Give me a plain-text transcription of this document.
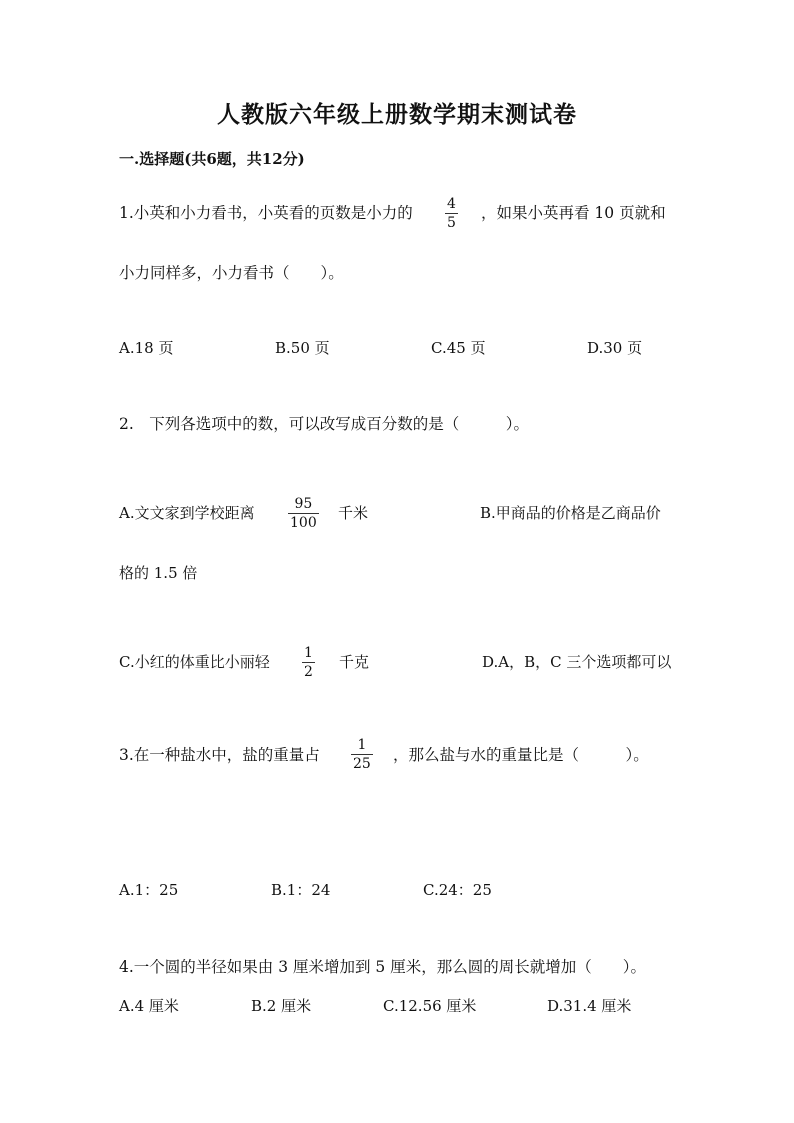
人教版六年级上册数学期末测试卷
一.选择题(共6题，共12分)
1.小英和小力看书，小英看的页数是小力的 4
5
，如果小英再看 10 页就和
小力同样多，小力看书（　　）。
A.18 页	B.50 页	C.45 页	D.30 页
2.　下列各选项中的数，可以改写成百分数的是（　　　）。
A.文文家到学校距离	95
100
千米	B.甲商品的价格是乙商品价
格的 1.5 倍
C.小红的体重比小丽轻 1
2
千克	D.A，B，C 三个选项都可以
3.在一种盐水中，盐的重量占
1
25 ，那么盐与水的重量比是（　　　）。
A.1：25	B.1：24	C.24：25
4.一个圆的半径如果由 3 厘米增加到 5 厘米，那么圆的周长就增加（　　）。
A.4 厘米	B.2 厘米	C.12.56 厘米	D.31.4 厘米
